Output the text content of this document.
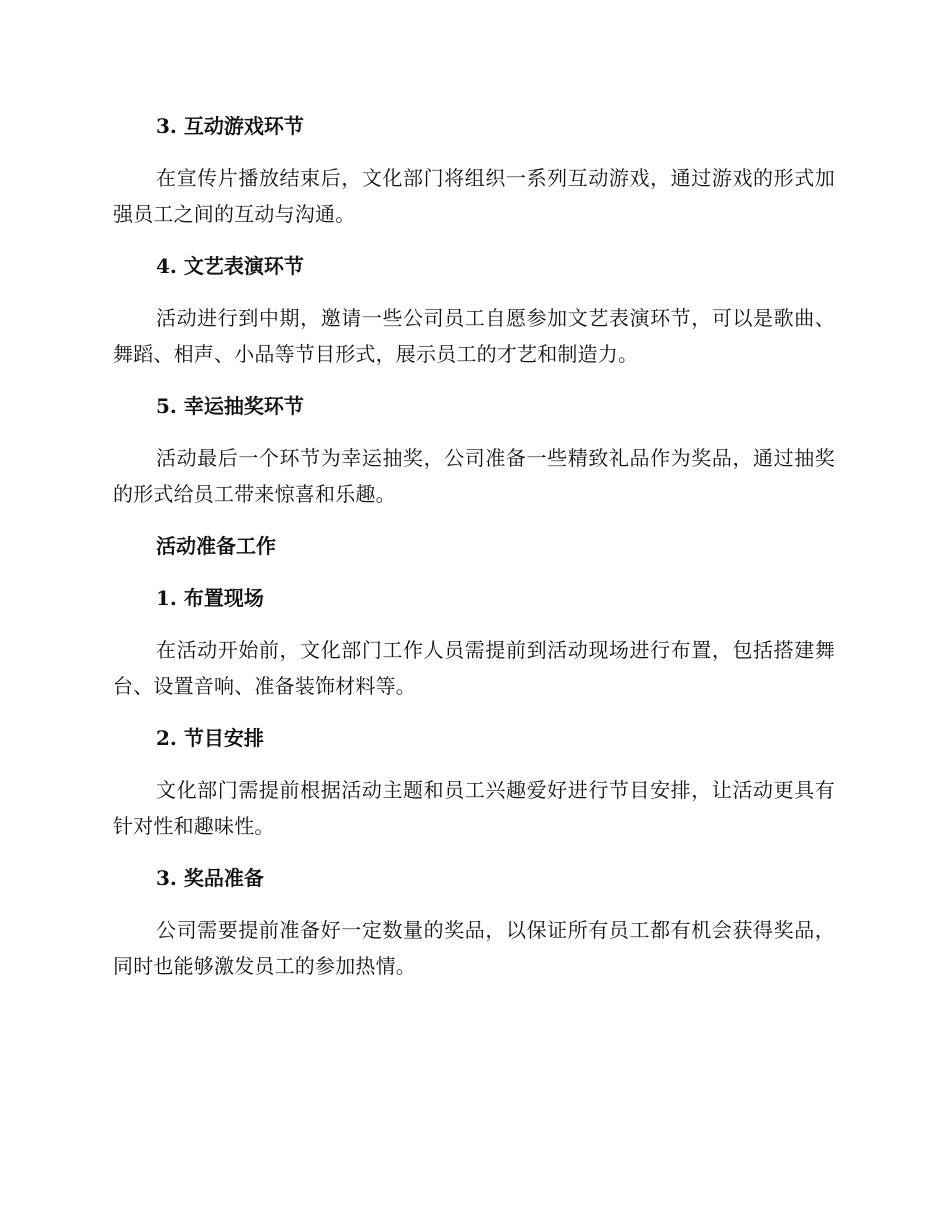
3. 互动游戏环节

在宣传片播放结束后，文化部门将组织一系列互动游戏，通过游戏的形式加强员工之间的互动与沟通。

4. 文艺表演环节

活动进行到中期，邀请一些公司员工自愿参加文艺表演环节，可以是歌曲、舞蹈、相声、小品等节目形式，展示员工的才艺和制造力。

5. 幸运抽奖环节

活动最后一个环节为幸运抽奖，公司准备一些精致礼品作为奖品，通过抽奖的形式给员工带来惊喜和乐趣。

活动准备工作
1. 布置现场

在活动开始前，文化部门工作人员需提前到活动现场进行布置，包括搭建舞台、设置音响、准备装饰材料等。

2. 节目安排

文化部门需提前根据活动主题和员工兴趣爱好进行节目安排，让活动更具有针对性和趣味性。

3. 奖品准备

公司需要提前准备好一定数量的奖品，以保证所有员工都有机会获得奖品，同时也能够激发员工的参加热情。
